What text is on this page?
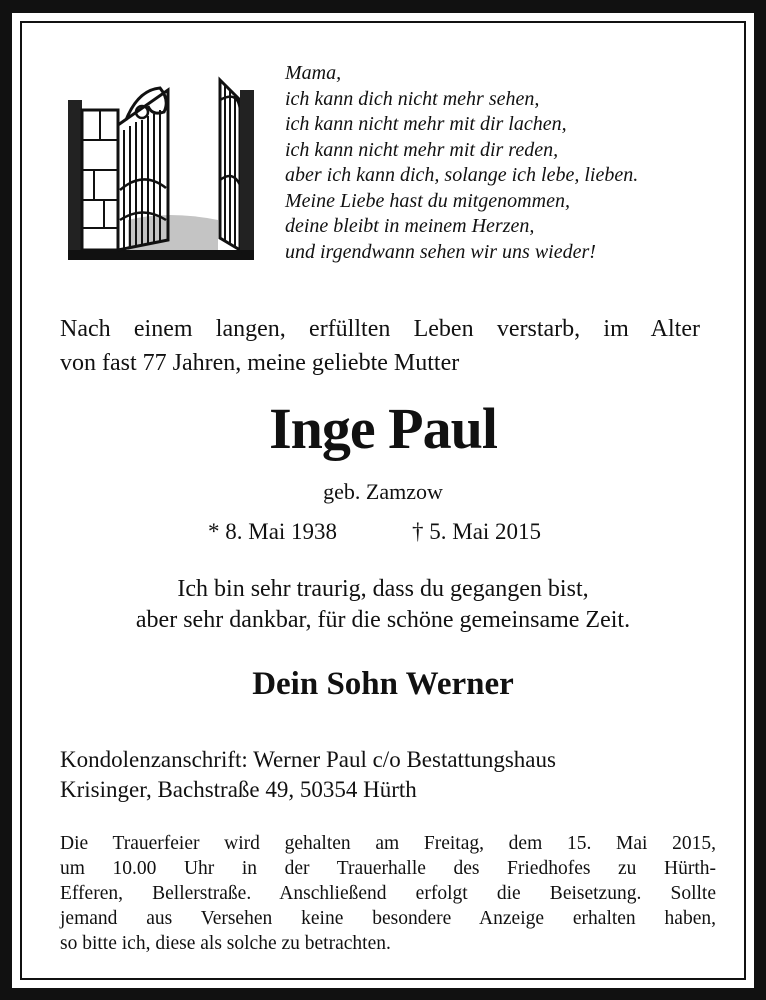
Mama,
ich kann dich nicht mehr sehen,
ich kann nicht mehr mit dir lachen,
ich kann nicht mehr mit dir reden,
aber ich kann dich, solange ich lebe, lieben.
Meine Liebe hast du mitgenommen,
deine bleibt in meinem Herzen,
und irgendwann sehen wir uns wieder!
Nach einem langen, erfüllten Leben verstarb, im Alter
von fast 77 Jahren, meine geliebte Mutter
Inge Paul
geb. Zamzow
* 8. Mai 1938	† 5. Mai 2015
Ich bin sehr traurig, dass du gegangen bist,
aber sehr dankbar, für die schöne gemeinsame Zeit.
Dein Sohn Werner
Kondolenzanschrift: Werner Paul c/o Bestattungshaus
Krisinger, Bachstraße 49, 50354 Hürth
Die Trauerfeier wird gehalten am Freitag, dem 15. Mai 2015,
um 10.00 Uhr in der Trauerhalle des Friedhofes zu Hürth-
Efferen, Bellerstraße. Anschließend erfolgt die Beisetzung. Sollte
jemand aus Versehen keine besondere Anzeige erhalten haben,
so bitte ich, diese als solche zu betrachten.
